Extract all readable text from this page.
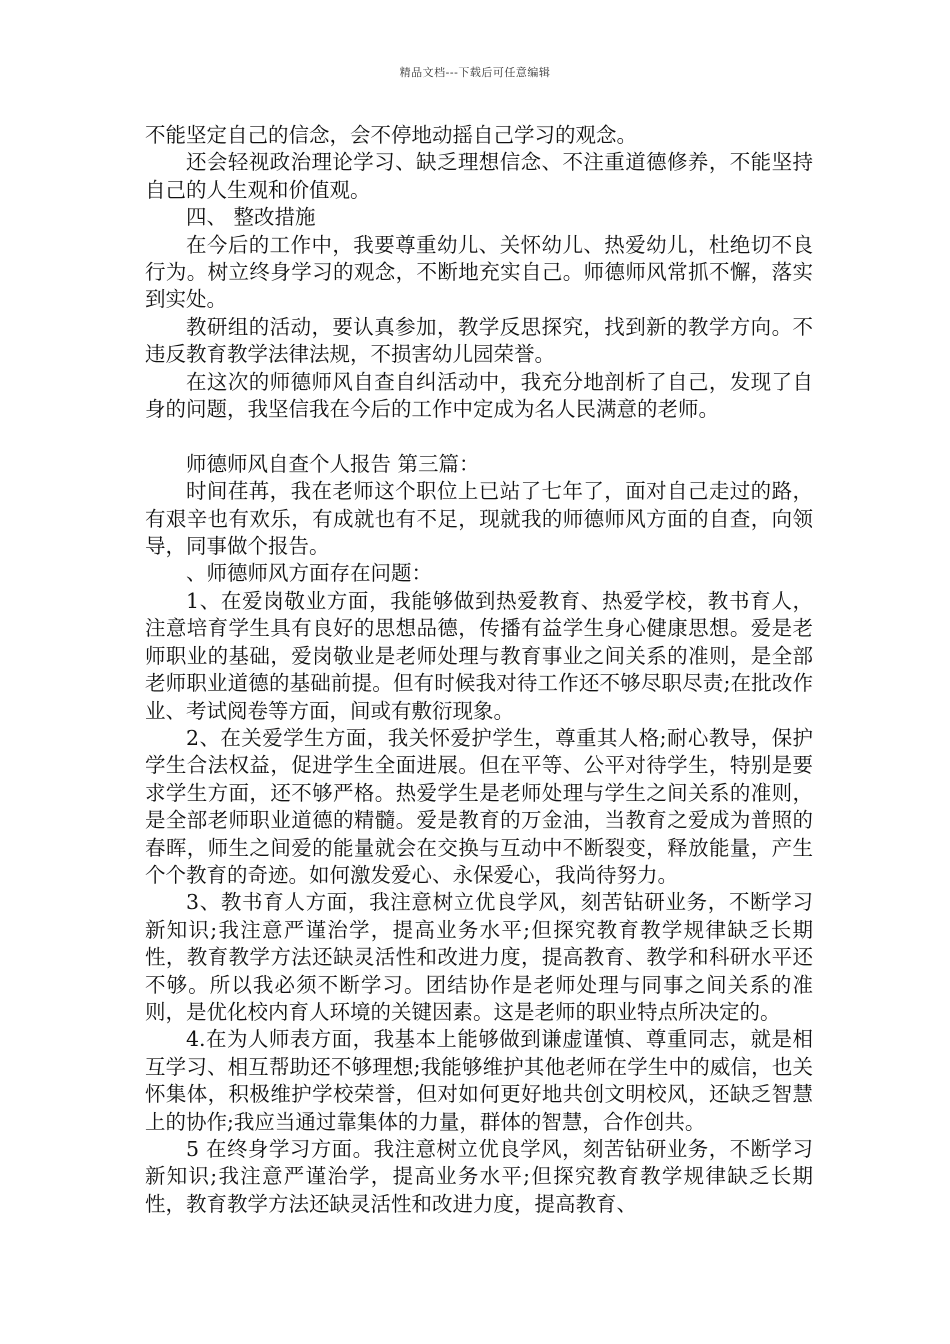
精品文档---下载后可任意编辑

不能坚定自己的信念，会不停地动摇自己学习的观念。

还会轻视政治理论学习、缺乏理想信念、不注重道德修养，不能坚持自己的人生观和价值观。

四、 整改措施

在今后的工作中，我要尊重幼儿、关怀幼儿、热爱幼儿，杜绝切不良行为。树立终身学习的观念，不断地充实自己。师德师风常抓不懈，落实到实处。

教研组的活动，要认真参加，教学反思探究，找到新的教学方向。不违反教育教学法律法规，不损害幼儿园荣誉。

在这次的师德师风自查自纠活动中，我充分地剖析了自己，发现了自身的问题，我坚信我在今后的工作中定成为名人民满意的老师。

师德师风自查个人报告 第三篇：

时间荏苒，我在老师这个职位上已站了七年了，面对自己走过的路，有艰辛也有欢乐，有成就也有不足，现就我的师德师风方面的自查，向领导，同事做个报告。

、师德师风方面存在问题：

1、在爱岗敬业方面，我能够做到热爱教育、热爱学校，教书育人，注意培育学生具有良好的思想品德，传播有益学生身心健康思想。爱是老师职业的基础，爱岗敬业是老师处理与教育事业之间关系的准则，是全部老师职业道德的基础前提。但有时候我对待工作还不够尽职尽责;在批改作业、考试阅卷等方面，间或有敷衍现象。

2、在关爱学生方面，我关怀爱护学生，尊重其人格;耐心教导，保护学生合法权益，促进学生全面进展。但在平等、公平对待学生，特别是要求学生方面，还不够严格。热爱学生是老师处理与学生之间关系的准则，是全部老师职业道德的精髓。爱是教育的万金油，当教育之爱成为普照的春晖，师生之间爱的能量就会在交换与互动中不断裂变，释放能量，产生个个教育的奇迹。如何激发爱心、永保爱心，我尚待努力。

3、教书育人方面，我注意树立优良学风，刻苦钻研业务，不断学习新知识;我注意严谨治学，提高业务水平;但探究教育教学规律缺乏长期性，教育教学方法还缺灵活性和改进力度，提高教育、教学和科研水平还不够。所以我必须不断学习。团结协作是老师处理与同事之间关系的准则，是优化校内育人环境的关键因素。这是老师的职业特点所决定的。

4.在为人师表方面，我基本上能够做到谦虚谨慎、尊重同志，就是相互学习、相互帮助还不够理想;我能够维护其他老师在学生中的威信，也关怀集体，积极维护学校荣誉，但对如何更好地共创文明校风，还缺乏智慧上的协作;我应当通过靠集体的力量，群体的智慧，合作创共。

5 在终身学习方面。我注意树立优良学风，刻苦钻研业务，不断学习新知识;我注意严谨治学，提高业务水平;但探究教育教学规律缺乏长期性，教育教学方法还缺灵活性和改进力度，提高教育、
